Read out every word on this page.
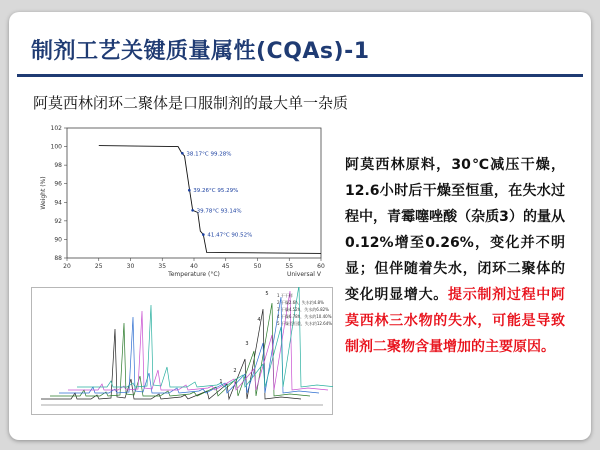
制剂工艺关键质量属性(CQAs)-1
阿莫西林闭环二聚体是口服制剂的最大单一杂质
20	25	30	35	40	45	50	55	60
88
90
92
94
96
98
100
102
Temperature (°C)	Universal V
Weight (%)
38.17°C 99.28%
39.26°C 95.29%
39.78°C 93.14%
41.47°C 90.52%
1
2
3
4
5 1 干干样
2 干燥2.6h，失水约4.8%
3 干燥4.52h，失水约6.82%
4 干燥6.78h，失水约10.40%
5 干燥至恒重，失水约12.64%
阿莫西林原料，30℃减压干燥，12.6小时后干燥至恒重，在失水过程中，青霉噻唑酸（杂质3）的量从0.12%增至0.26%，变化并不明显；但伴随着失水，闭环二聚体的变化明显增大。提示制剂过程中阿莫西林三水物的失水，可能是导致制剂二聚物含量增加的主要原因。
